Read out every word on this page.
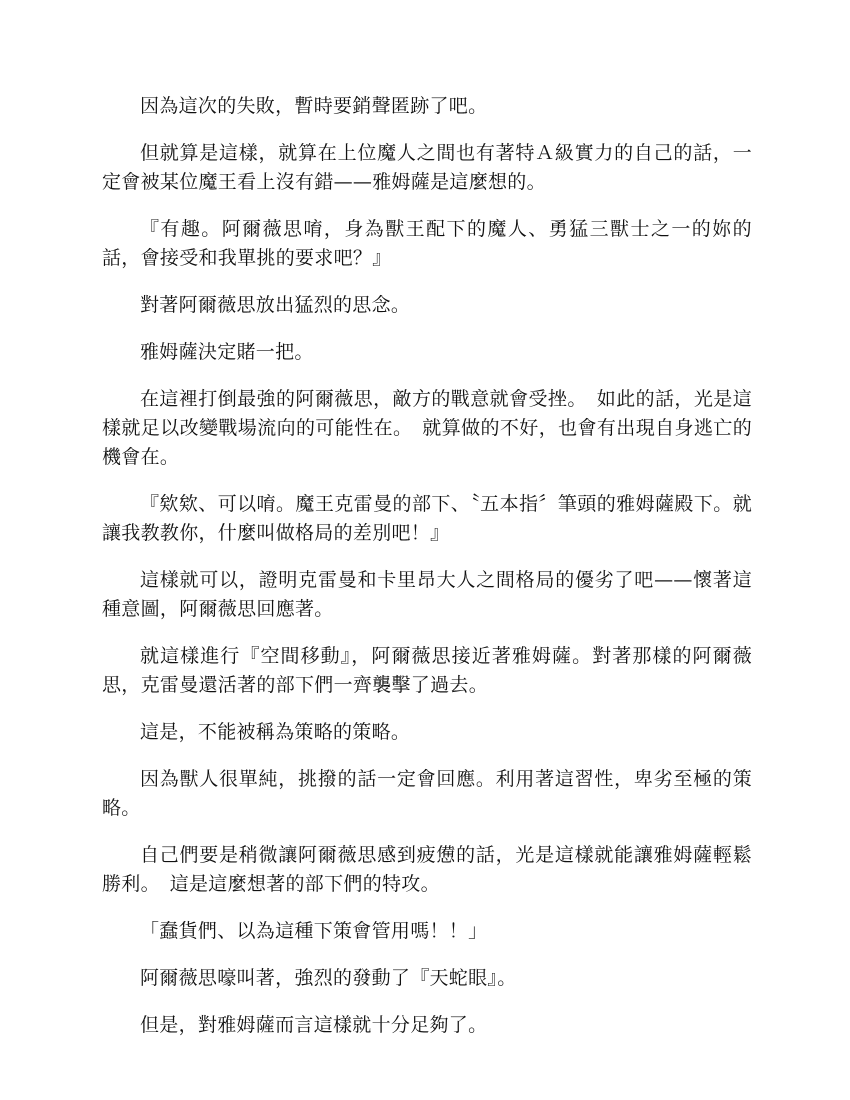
因為這次的失敗，暫時要銷聲匿跡了吧。

但就算是這樣，就算在上位魔人之間也有著特Ａ級實力的自己的話，一定會被某位魔王看上沒有錯——雅姆薩是這麼想的。

『有趣。阿爾薇思唷，身為獸王配下的魔人、勇猛三獸士之一的妳的話，會接受和我單挑的要求吧？』

對著阿爾薇思放出猛烈的思念。

雅姆薩決定賭一把。

在這裡打倒最強的阿爾薇思，敵方的戰意就會受挫。　如此的話，光是這樣就足以改變戰場流向的可能性在。　就算做的不好，也會有出現自身逃亡的機會在。

『欸欸、可以唷。魔王克雷曼的部下、〝五本指〞筆頭的雅姆薩殿下。就讓我教教你，什麼叫做格局的差別吧！』

這樣就可以，證明克雷曼和卡里昂大人之間格局的優劣了吧——懷著這種意圖，阿爾薇思回應著。

就這樣進行『空間移動』，阿爾薇思接近著雅姆薩。對著那樣的阿爾薇思，克雷曼還活著的部下們一齊襲擊了過去。

這是，不能被稱為策略的策略。

因為獸人很單純，挑撥的話一定會回應。利用著這習性，卑劣至極的策略。

自己們要是稍微讓阿爾薇思感到疲憊的話，光是這樣就能讓雅姆薩輕鬆勝利。　這是這麼想著的部下們的特攻。

「蠢貨們、以為這種下策會管用嗎！！」

阿爾薇思嚎叫著，強烈的發動了『天蛇眼』。

但是，對雅姆薩而言這樣就十分足夠了。
